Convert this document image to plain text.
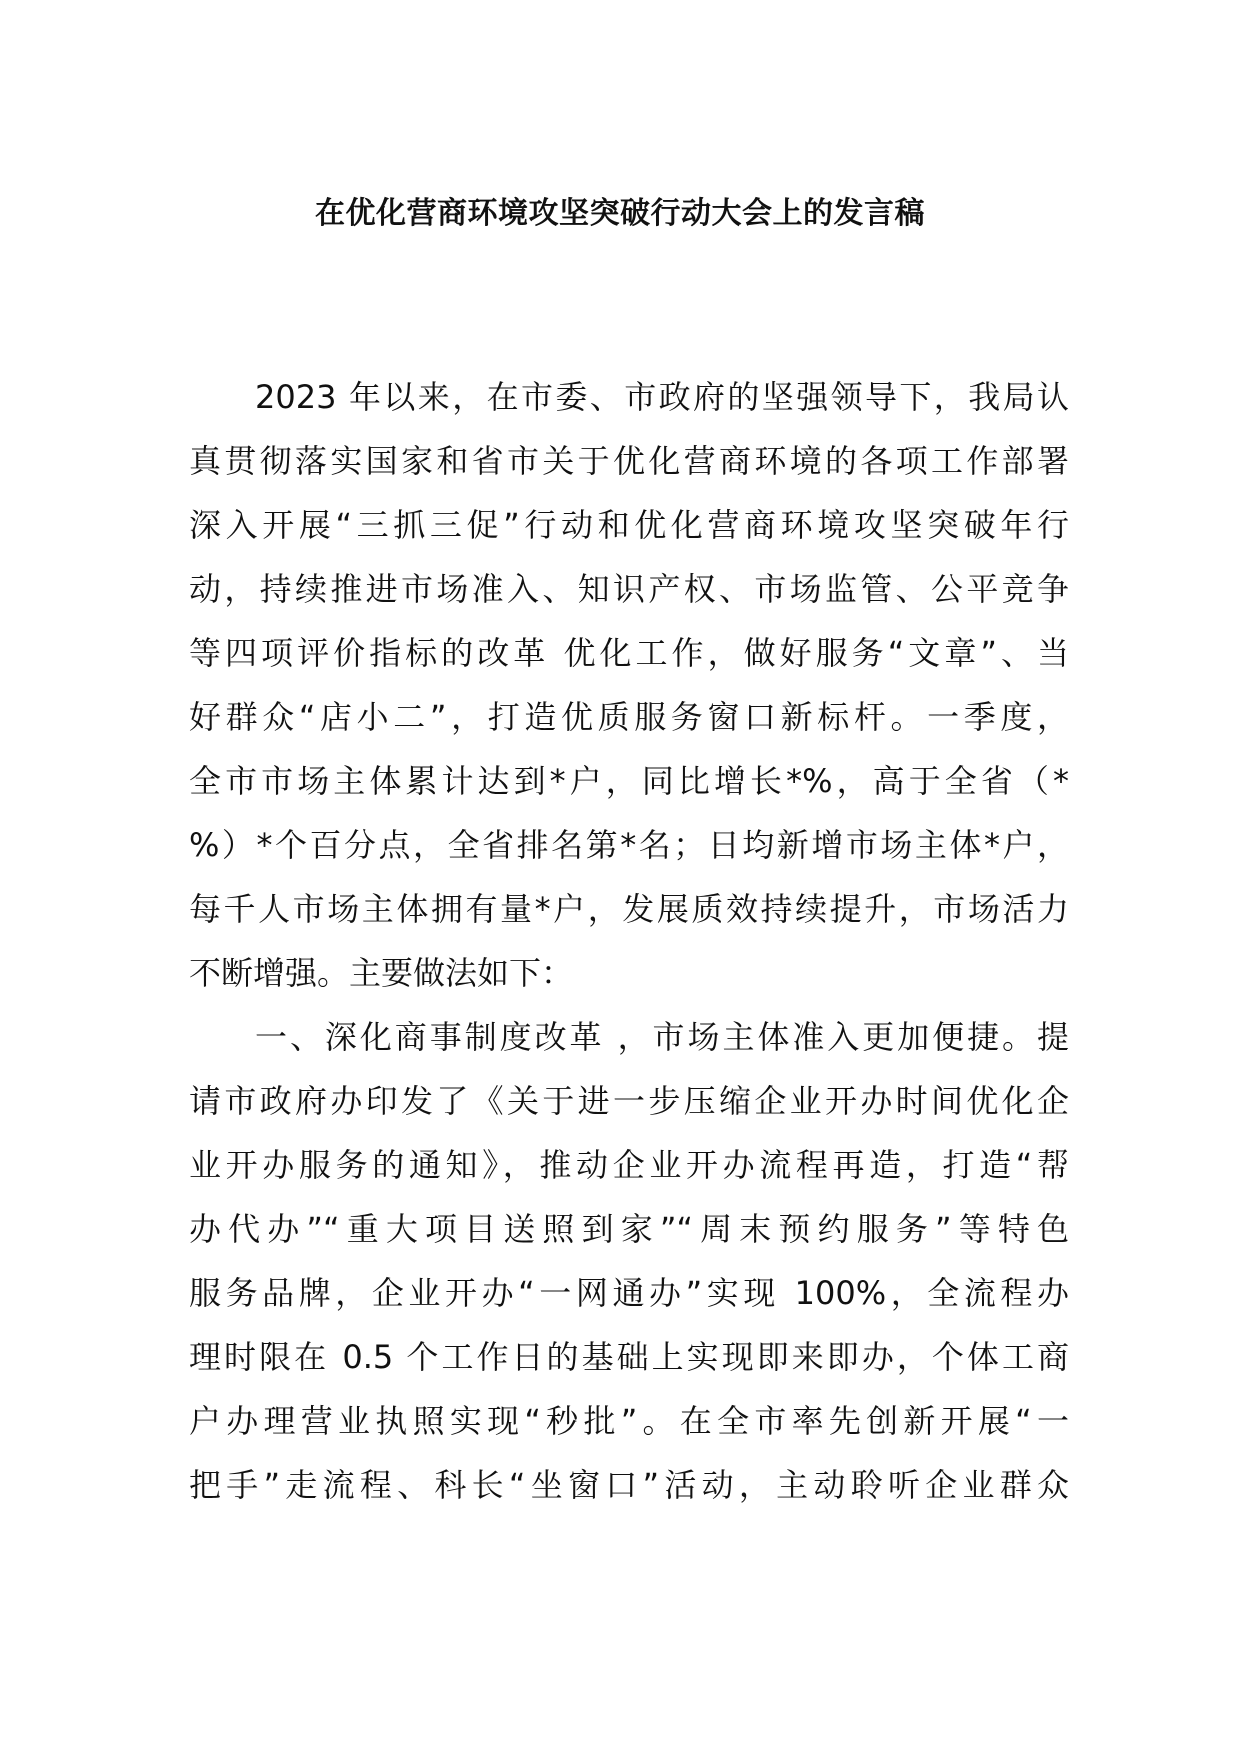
在优化营商环境攻坚突破行动大会上的发言稿
2023 年以来，在市委、市政府的坚强领导下，我局认
真贯彻落实国家和省市关于优化营商环境的各项工作部署
深入开展“三抓三促”行动和优化营商环境攻坚突破年行
动，持续推进市场准入、知识产权、市场监管、公平竞争
等四项评价指标的改革 优化工作，做好服务“文章”、当
好群众“店小二”，打造优质服务窗口新标杆。一季度，
全市市场主体累计达到*户，同比增长*%，高于全省（*
%）*个百分点，全省排名第*名；日均新增市场主体*户，
每千人市场主体拥有量*户，发展质效持续提升，市场活力
不断增强。主要做法如下：
一、深化商事制度改革 ，市场主体准入更加便捷。提
请市政府办印发了《关于进一步压缩企业开办时间优化企
业开办服务的通知》，推动企业开办流程再造，打造“帮
办代办”“重大项目送照到家”“周末预约服务”等特色
服务品牌，企业开办“一网通办”实现 100%，全流程办
理时限在 0.5 个工作日的基础上实现即来即办，个体工商
户办理营业执照实现“秒批”。在全市率先创新开展“一
把手”走流程、科长“坐窗口”活动，主动聆听企业群众
